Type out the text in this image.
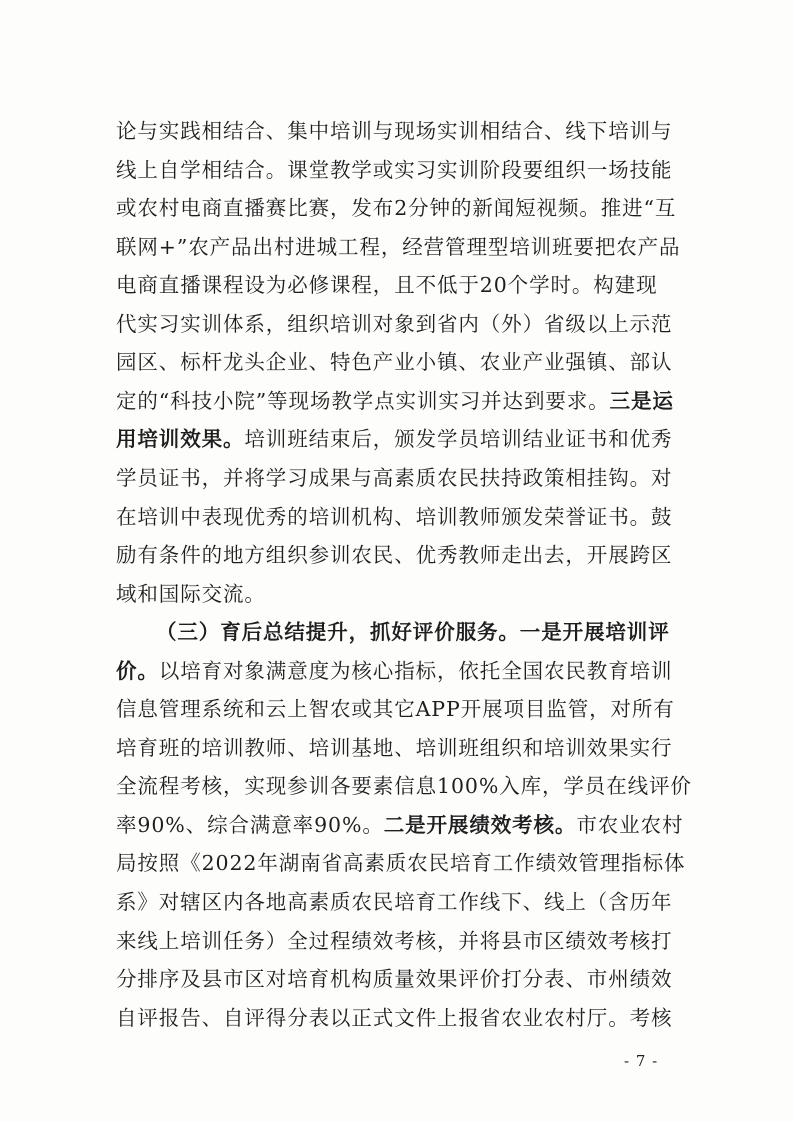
论与实践相结合、集中培训与现场实训相结合、线下培训与
线上自学相结合。课堂教学或实习实训阶段要组织一场技能
或农村电商直播赛比赛，发布2分钟的新闻短视频。推进“互
联网+”农产品出村进城工程，经营管理型培训班要把农产品
电商直播课程设为必修课程，且不低于20个学时。构建现
代实习实训体系，组织培训对象到省内（外）省级以上示范
园区、标杆龙头企业、特色产业小镇、农业产业强镇、部认
定的“科技小院”等现场教学点实训实习并达到要求。三是运
用培训效果。培训班结束后，颁发学员培训结业证书和优秀
学员证书，并将学习成果与高素质农民扶持政策相挂钩。对
在培训中表现优秀的培训机构、培训教师颁发荣誉证书。鼓
励有条件的地方组织参训农民、优秀教师走出去，开展跨区
域和国际交流。
（三）育后总结提升，抓好评价服务。一是开展培训评
价。以培育对象满意度为核心指标，依托全国农民教育培训
信息管理系统和云上智农或其它APP开展项目监管，对所有
培育班的培训教师、培训基地、培训班组织和培训效果实行
全流程考核，实现参训各要素信息100%入库，学员在线评价
率90%、综合满意率90%。二是开展绩效考核。市农业农村
局按照《2022年湖南省高素质农民培育工作绩效管理指标体
系》对辖区内各地高素质农民培育工作线下、线上（含历年
来线上培训任务）全过程绩效考核，并将县市区绩效考核打
分排序及县市区对培育机构质量效果评价打分表、市州绩效
自评报告、自评得分表以正式文件上报省农业农村厅。考核
- 7 -
